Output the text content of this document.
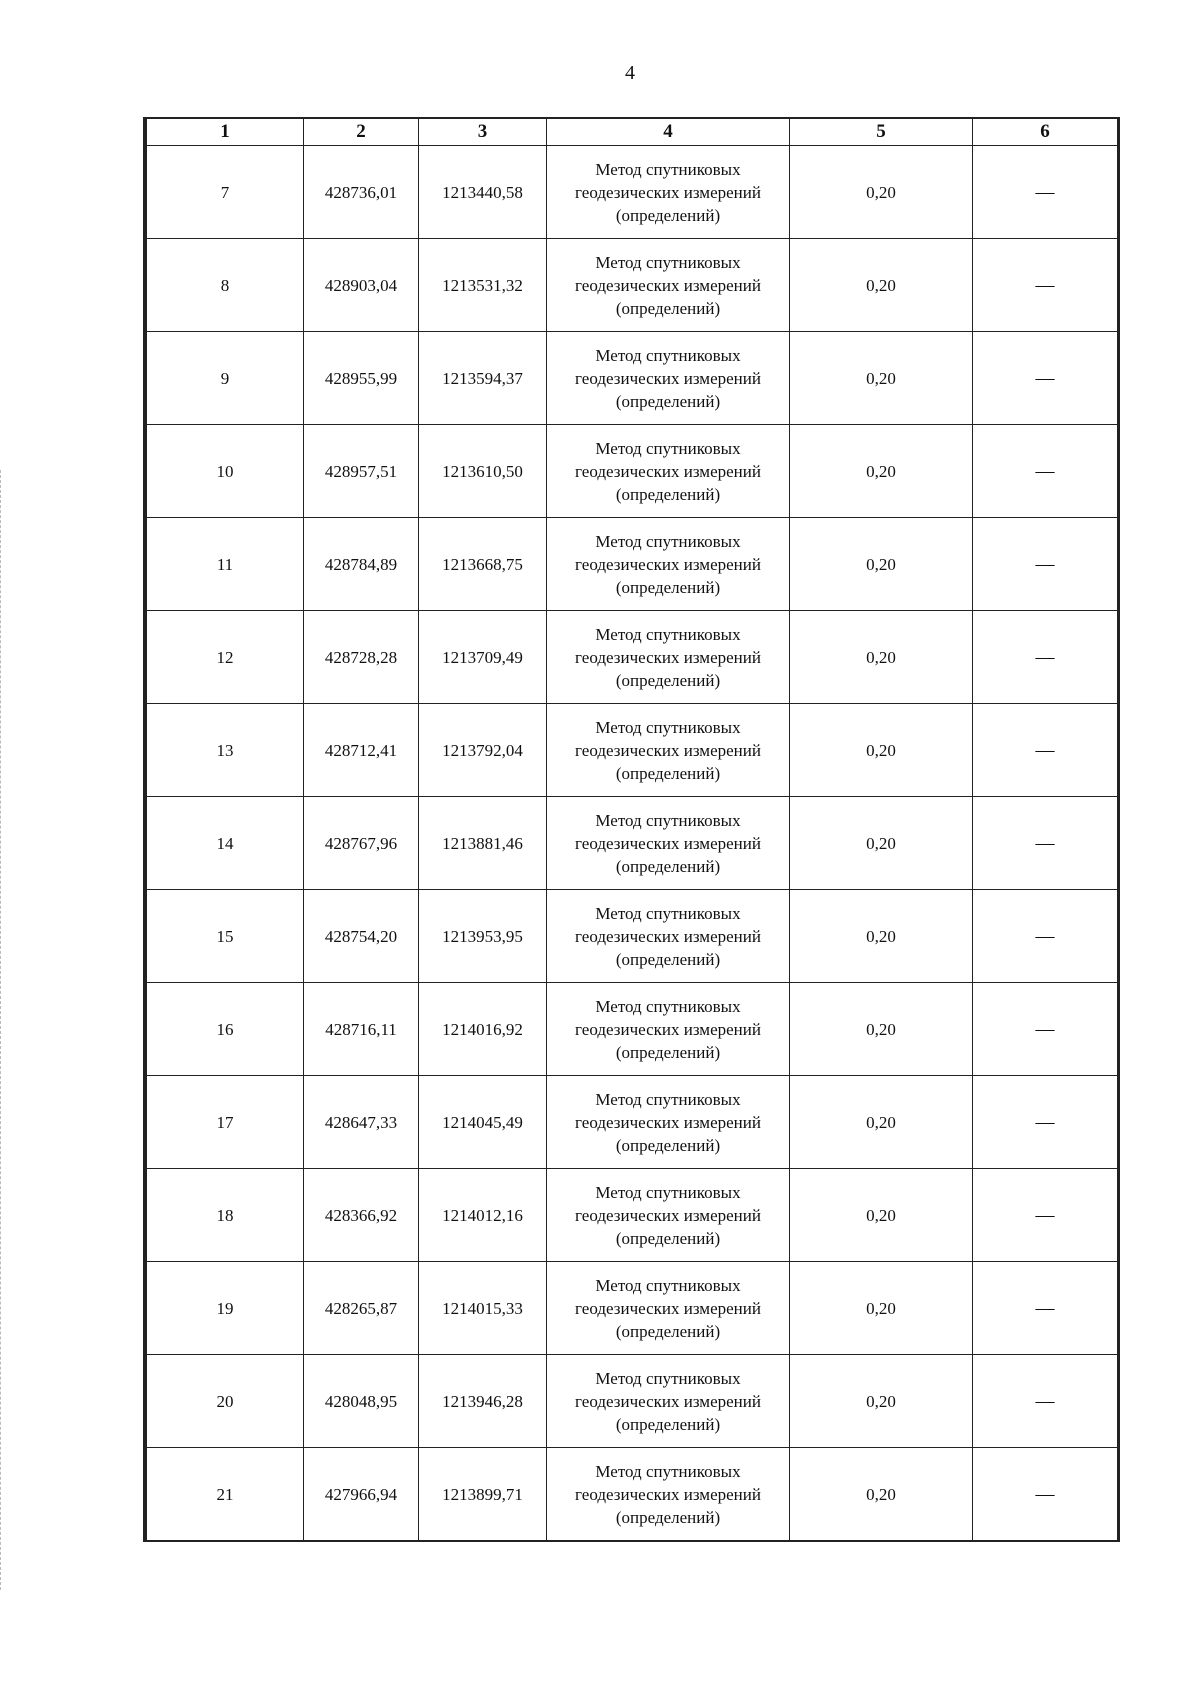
4
1	2	3	4	5	6
7	428736,01	1213440,58	Метод спутниковых геодезических измерений (определений)	0,20	—
8	428903,04	1213531,32	Метод спутниковых геодезических измерений (определений)	0,20	—
9	428955,99	1213594,37	Метод спутниковых геодезических измерений (определений)	0,20	—
10	428957,51	1213610,50	Метод спутниковых геодезических измерений (определений)	0,20	—
11	428784,89	1213668,75	Метод спутниковых геодезических измерений (определений)	0,20	—
12	428728,28	1213709,49	Метод спутниковых геодезических измерений (определений)	0,20	—
13	428712,41	1213792,04	Метод спутниковых геодезических измерений (определений)	0,20	—
14	428767,96	1213881,46	Метод спутниковых геодезических измерений (определений)	0,20	—
15	428754,20	1213953,95	Метод спутниковых геодезических измерений (определений)	0,20	—
16	428716,11	1214016,92	Метод спутниковых геодезических измерений (определений)	0,20	—
17	428647,33	1214045,49	Метод спутниковых геодезических измерений (определений)	0,20	—
18	428366,92	1214012,16	Метод спутниковых геодезических измерений (определений)	0,20	—
19	428265,87	1214015,33	Метод спутниковых геодезических измерений (определений)	0,20	—
20	428048,95	1213946,28	Метод спутниковых геодезических измерений (определений)	0,20	—
21	427966,94	1213899,71	Метод спутниковых геодезических измерений (определений)	0,20	—
